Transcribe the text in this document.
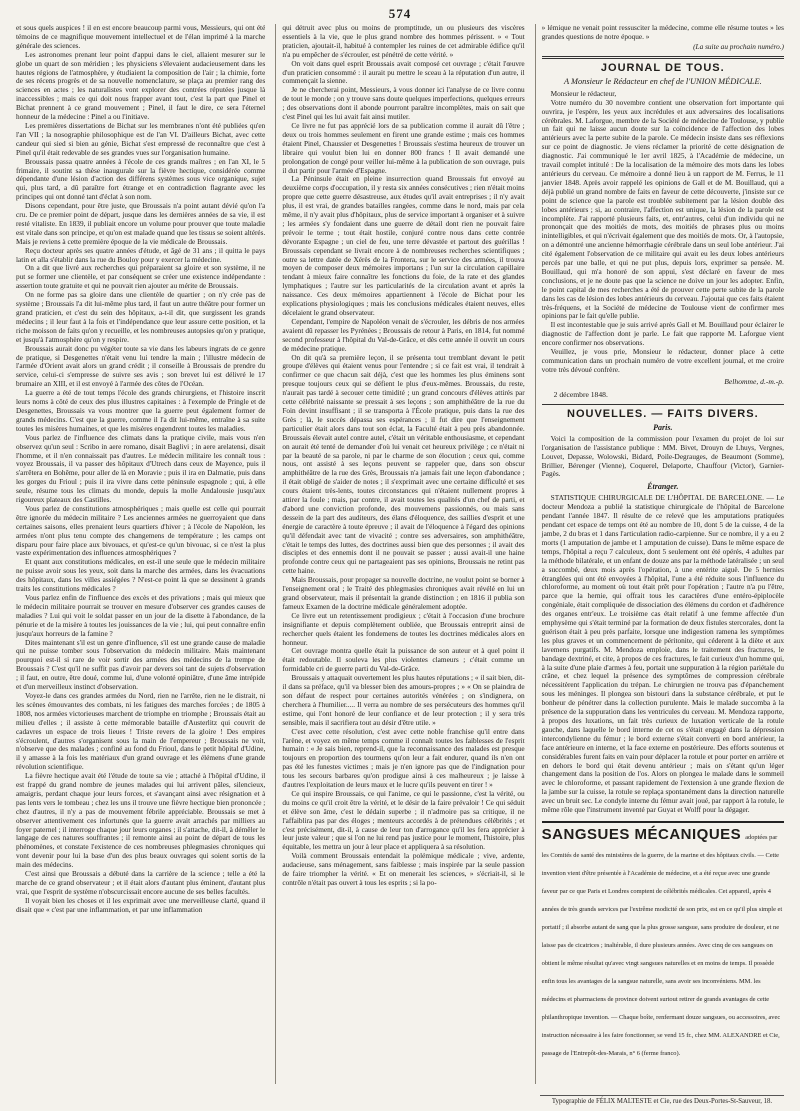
574

et sous quels auspices ! il en est encore beaucoup parmi vous, Messieurs, qui ont été témoins de ce magnifique mouvement intellectuel et de l'élan imprimé à la marche générale des sciences.

Les astronomes prenant leur point d'appui dans le ciel, allaient mesurer sur le globe un quart de son méridien ; les physiciens s'élevaient audacieusement dans les hautes régions de l'atmosphère, y étudiaient la composition de l'air ; la chimie, forte de ses récens progrès et de sa nouvelle nomenclature, se plaça au premier rang des sciences en actes ; les naturalistes vont explorer des contrées réputées jusque là inaccessibles ; mais ce qui doit nous frapper avant tout, c'est la part que Pinel et Bichat prennent à ce grand mouvement ; Pinel, il faut le dire, ce sera l'éternel honneur de la médecine : Pinel a ou l'initiave.

Les premières dissertations de Bichat sur les membranes n'ont été publiées qu'en l'an VII ; la nosographie philosophique est de l'an VI. D'ailleurs Bichat, avec cette candeur qui sied si bien au génie, Bichat s'est empressé de reconnaître que c'est à Pinel qu'il était redevable de ses grandes vues sur l'organisation humaine.

Broussais passa quatre années à l'école de ces grands maîtres ; en l'an XI, le 5 frimaire, il soutint sa thèse inaugurale sur la fièvre hectique, considérée comme dépendante d'une lésion d'action des différens systèmes sous vice organique, sujet qui, plus tard, a dû paraître fort étrange et en contradiction flagrante avec les principes qui ont donné tant d'éclat à son nom.

Disons cependant, pour être juste, que Broussais n'a point autant dévié qu'on l'a cru. De ce premier point de départ, jusque dans les dernières années de sa vie, il est resté vitaliste. En 1839, il publiait encore un volume pour prouver que toute maladie est vitale dans son principe, et qu'on est malade quand que les tissus se soient altérés. Mais je reviens à cette première époque de la vie médicale de Broussais.

Reçu docteur après ses quatre années d'étude, et âgé de 31 ans ; il quitta le pays latin et alla s'établir dans la rue du Bouloy pour y exercer la médecine.

On a dit que livré aux recherches qui préparaient sa gloire et son système, il ne put se former une clientèle, et par conséquent se créer une existence indépendante : assertion toute gratuite et qui ne pouvait rien ajouter au mérite de Broussais.

On ne forme pas sa gloire dans une clientèle de quartier ; on n'y crée pas de système ; Broussais l'a dit lui-même plus tard, il faut un autre théâtre pour former un grand praticien, et c'est du sein des hôpitaux, a-t-il dit, que surgissent les grands médecins ; il leur faut à la fois et l'indépendance que leur assure cette position, et la riche moisson de faits qu'on y recueille, et les nombreuses autopsies qu'on y pratique, et jusqu'à l'atmosphère qu'on y respire.

Broussais aurait donc pu végéter toute sa vie dans les labeurs ingrats de ce genre de pratique, si Desgenettes n'était venu lui tendre la main ; l'illustre médecin de l'armée d'Orient avait alors un grand crédit ; il conseille à Broussais de prendre du service, celui-ci s'empresse de suivre ses avis ; son brevet lui est délivré le 17 brumaire an XIII, et il est envoyé à l'armée des côtes de l'Océan.

La guerre a été de tout temps l'école des grands chirurgiens, et l'histoire inscrit leurs noms à côté de ceux des plus illustres capitaines : à l'exemple de Pringle et de Desgenettes, Broussais va vous montrer que la guerre peut également former de grands médecins. C'est que la guerre, comme il l'a dit lui-même, entraîne à sa suite toutes les misères humaines, et que les misères engendrent toutes les maladies.

Vous parlez de l'influence des climats dans la pratique civile, mais vous n'en observez qu'un seul : Scribo in aere romano, disait Baglivi ; in aere arelatensi, disait l'homme, et il n'en connaissait pas d'autres. Le médecin militaire les connaît tous : voyez Broussais, il va passer des hôpitaux d'Utrech dans ceux de Mayence, puis il s'arrêtera en Bohême, pour aller de là en Moravie ; puis il ira en Dalmatie, puis dans les gorges du Frioul ; puis il ira vivre dans cette péninsule espagnole ; qui, à elle seule, résume tous les climats du monde, depuis la molle Andalousie jusqu'aux rigoureux plateaux des Castilles.

Vous parlez de constitutions atmosphériques ; mais quelle est celle qui pourrait être ignorée du médecin militaire ? Les anciennes armées ne guerroyaient que dans certaines saisons, elles prenaient leurs quartiers d'hiver ; à l'école de Napoléon, les armées n'ont plus tenu compte des changemens de température ; les camps ont disparu pour faire place aux bivouacs, et qu'est-ce qu'un bivouac, si ce n'est la plus vaste expérimentation des influences atmosphériques ?

Et quant aux constitutions médicales, en est-il une seule que le médecin militaire ne puisse avoir sous les yeux, soit dans la marche des armées, dans les évacuations des hôpitaux, dans les villes assiégées ? N'est-ce point là que se dessinent à grands traits les constitutions médicales ?

Vous parlez enfin de l'influence des excès et des privations ; mais qui mieux que le médecin militaire pourrait se trouver en mesure d'observer ces grandes causes de maladies ? Lui qui voit le soldat passer en un jour de la disette à l'abondance, de la pénurie et de la misère à toutes les jouissances de la vie ; lui, qui peut connaître enfin jusqu'aux horreurs de la famine ?

Dites maintenant s'il est un genre d'influence, s'il est une grande cause de maladie qui ne puisse tomber sous l'observation du médecin militaire. Mais maintenant pourquoi est-il si rare de voir sortir des armées des médecins de la trempe de Broussais ? C'est qu'il ne suffit pas d'avoir par devers soi tant de sujets d'observation ; il faut, en outre, être doué, comme lui, d'une volonté opiniâtre, d'une âme intrépide et d'un merveilleux instinct d'observation.

Voyez-le dans ces grandes armées du Nord, rien ne l'arrête, rien ne le distrait, ni les scènes émouvantes des combats, ni les fatigues des marches forcées ; de 1805 à 1808, nos armées victorieuses marchent de triomphe en triomphe ; Broussais était au milieu d'elles ; il assiste à cette mémorable bataille d'Austerlitz qui couvrit de cadavres un espace de trois lieues ! Triste revers de la gloire ! Des empires s'écroulent, d'autres s'organisent sous la main de l'empereur ; Broussais ne voit, n'observe que des malades ; confiné au fond du Frioul, dans le petit hôpital d'Udine, il y amasse à la fois les matériaux d'un grand ouvrage et les élémens d'une grande révolution scientifique.

La fièvre hectique avait été l'étude de toute sa vie ; attaché à l'hôpital d'Udine, il est frappé du grand nombre de jeunes malades qui lui arrivent pâles, silencieux, amaigris, perdant chaque jour leurs forces, et s'avançant ainsi avec résignation et à pas lents vers le tombeau ; chez les uns il trouve une fièvre hectique bien prononcée ; chez d'autres, il n'y a pas de mouvement fébrile appréciable. Broussais se met à observer attentivement ces infortunés que la guerre avait arrachés par milliers au foyer paternel ; il interroge chaque jour leurs organes ; il s'attache, dit-il, à démêler le langage de ces natures souffrantes ; il remonte ainsi au point de départ de tous les phénomènes, et constate l'existence de ces nombreuses phlegmasies chroniques qui vont devenir pour lui la base d'un des plus beaux ouvrages qui soient sortis de la main des médecins.

C'est ainsi que Broussais a débuté dans la carrière de la science ; telle a été la marche de ce grand observateur ; et il était alors d'autant plus éminent, d'autant plus vrai, que l'esprit de système n'obscurcissait encore aucune de ses belles facultés.

Il voyait bien les choses et il les exprimait avec une merveilleuse clarté, quand il disait que « c'est par une inflammation, et par une inflammation

qui détruit avec plus ou moins de promptitude, un ou plusieurs des viscères essentiels à la vie, que le plus grand nombre des hommes périssent. » « Tout praticien, ajoutait-il, habitué à contempler les ruines de cet admirable édifice qu'il n'a pu empêcher de s'écrouler, est pénétré de cette vérité. »

On voit dans quel esprit Broussais avait composé cet ouvrage ; c'était l'œuvre d'un praticien consommé : il aurait pu mettre le sceau à la réputation d'un autre, il commençait la sienne.

Je ne chercherai point, Messieurs, à vous donner ici l'analyse de ce livre connu de tout le monde ; on y trouve sans doute quelques imperfections, quelques erreurs ; des observations dont il abonde pourront paraître incomplètes, mais on sait que c'est Pinel qui les lui avait fait ainsi mutiler.

Ce livre ne fut pas apprécié lors de sa publication comme il aurait dû l'être ; deux ou trois hommes seulement en firent une grande estime ; mais ces hommes étaient Pinel, Chaussier et Desgenettes ! Broussais s'estima heureux de trouver un libraire qui voulut bien lui en donner 800 francs ! Il avait demandé une prolongation de congé pour veiller lui-même à la publication de son ouvrage, puis il dut partir pour l'armée d'Espagne.

La Péninsule était en pleine insurrection quand Broussais fut envoyé au deuxième corps d'occupation, il y resta six années consécutives ; rien n'était moins propre que cette guerre désastreuse, aux études qu'il avait entreprises ; il n'y avait plus, il est vrai, de grandes batailles rangées, comme dans le nord, mais par cela même, il n'y avait plus d'hôpitaux, plus de service important à organiser et à suivre ; les armées s'y fondaient dans une guerre de détail dont rien ne pouvait faire prévoir le terme ; tout était hostile, conjuré contre nous dans cette contrée dévorante Espagne ; un ciel de feu, une terre dévastée et partout des guérillas ! Broussais cependant se livrait encore à de nombreuses recherches scientifiques ; outre sa lettre datée de Xérès de la Frontera, sur le service des armées, il trouva moyen de composer deux mémoires importans ; l'un sur la circulation capillaire tendant à mieux faire connaître les fonctions du foie, de la rate et des glandes lymphatiques ; l'autre sur les particularités de la circulation avant et après la naissance. Ces deux mémoires appartiennent à l'école de Bichat pour les explications physiologiques ; mais les conclusions médicales étaient neuves, elles décelaient le grand observateur.

Cependant, l'empire de Napoléon venait de s'écrouler, les débris de nos armées avaient dû repasser les Pyrénées ; Broussais de retour à Paris, en 1814, fut nommé second professeur à l'hôpital du Val-de-Grâce, et dès cette année il ouvrit un cours de médecine pratique.

On dit qu'à sa première leçon, il se présenta tout tremblant devant le petit groupe d'élèves qui étaient venus pour l'entendre ; si ce fait est vrai, il tendrait à confirmer ce que chacun sait déjà, c'est que les hommes les plus éminens sont presque toujours ceux qui se défient le plus d'eux-mêmes. Broussais, du reste, n'aurait pas tardé à secouer cette timidité ; un grand concours d'élèves attirés par cette célébrité naissante se pressait à ses leçons ; son amphithéâtre de la rue du Foin devint insuffisant ; il se transporta à l'École pratique, puis dans la rue des Grès ; là, le succès dépassa ses espérances ; il fut dire que l'enseignement particulier était alors dans tout son éclat, la Faculté était à peu près abandonnée. Broussais élevait autel contre autel, c'était un véritable enthousiasme, et cependant on aurait été tenté de demander d'où lui venait cet heureux privilège ; ce n'était ni par la beauté de sa parole, ni par le charme de son élocution ; ceux qui, comme nous, ont assisté à ses leçons peuvent se rappeler que, dans son obscur amphithéâtre de la rue des Grès, Broussais n'a jamais fait une leçon d'abondance ; il était obligé de s'aider de notes ; il s'exprimait avec une certaine difficulté et ses cours étaient très-lents, toutes circonstances qui n'étaient nullement propres à attirer la foule ; mais, par contre, il avait toutes les qualités d'un chef de parti, et d'abord une conviction profonde, des mouvemens passionnés, ou mais sans dessein de la part des auditeurs, des élans d'éloquence, des saillies d'esprit et une énergie de caractère à toute épreuve ; il avait de l'éloquence à l'égard des opinions qu'il défendait avec tant de vivacité ; contre ses adversaires, son amphithéâtre, c'était le temps des luttes, des doctrines aussi bien que des personnes ; il avait des disciples et des ennemis dont il ne pouvait se passer ; aussi avait-il une haine profonde contre ceux qui ne partageaient pas ses opinions, Broussais ne retint pas cette haine.

Mais Broussais, pour propager sa nouvelle doctrine, ne voulut point se borner à l'enseignement oral ; le Traité des phlegmasies chroniques avait révélé en lui un grand observateur, mais il présentait la grande distinction ; en 1816 il publia son fameux Examen de la doctrine médicale généralement adoptée.

Ce livre eut un retentissement prodigieux ; c'était à l'occasion d'une brochure insignifiante et depuis complètement oubliée, que Broussais entreprit ainsi de rechercher quels étaient les fondemens de toutes les doctrines médicales alors en honneur.

Cet ouvrage montra quelle était la puissance de son auteur et à quel point il était redoutable. Il souleva les plus violentes clameurs ; c'était comme un formidable cri de guerre parti du Val-de-Grâce.

Broussais y attaquait ouvertement les plus hautes réputations ; « il sait bien, dit-il dans sa préface, qu'il va blesser bien des amours-propres ; » « On se plaindra de son défaut de respect pour certaines autorités vénérées ; on s'indignera, on cherchera à l'humilier..... Il verra au nombre de ses persécuteurs des hommes qu'il estime, qui l'ont honoré de leur confiance et de leur protection ; il y sera très sensible, mais il sacrifiera tout au désir d'être utile. »

C'est avec cette résolution, c'est avec cette noble franchise qu'il entre dans l'arène, et voyez en même temps comme il connaît toutes les faiblesses de l'esprit humain : « Je sais bien, reprend-il, que la reconnaissance des malades est presque toujours en proportion des tourmens qu'on leur a fait endurer, quand ils n'en ont pas été les funestes victimes ; mais je n'en ignore pas que de l'indignation pour tous les secours barbares qu'on prodigue ainsi à ces malheureux ; je laisse à d'autres l'exploitation de leurs maux et le lucre qu'ils peuvent en tirer ! »

Ce qui inspire Broussais, ce qui l'anime, ce qui le passionne, c'est la vérité, ou du moins ce qu'il croit être la vérité, et le désir de la faire prévaloir ! Ce qui séduit et élève son âme, c'est le dédain superbe ; il n'admoire pas sa critique, il ne l'affaiblira pas par des éloges ; menteurs accordés à de prétendues célébrités ; et c'est précisément, dit-il, à cause de leur ton d'arrogance qu'il les fera apprécier à leur juste valeur ; que si l'on ne lui rend pas justice pour le moment, l'histoire, plus équitable, les mettra un jour à leur place et appliquera à sa résolution.

Voilà comment Broussais entendait la polémique médicale ; vive, ardente, audacieuse, sans ménagement, sans faiblesse ; mais inspirée par la seule passion de faire triompher la vérité. « Et on menerait les sciences, » s'écriait-il, si le contrôle n'était pas ouvert à tous les esprits ; si la po-

» lémique ne venait point ressusciter la médecine, comme elle résume toutes » les grandes questions de notre époque. »

(La suite au prochain numéro.)
JOURNAL DE TOUS.
A Monsieur le Rédacteur en chef de l'UNION MÉDICALE.

Monsieur le rédacteur,

Votre numéro du 30 novembre contient une observation fort importante qui ouvrira, je l'espère, les yeux aux incrédules et aux adversaires des localisations cérébrales. M. Laforgue, membre de la Société de médecine de Toulouse, y publie un fait qui ne laisse aucun doute sur la coïncidence de l'affection des lobes antérieurs avec la perte subite de la parole. Ce médecin insiste dans ses réflexions sur ce point de diagnostic. Je viens réclamer la priorité de cette désignation de diagnostic. J'ai communiqué le 1er avril 1825, à l'Académie de médecine, un travail complet intitulé : De la localisation de la mémoire des mots dans les lobes antérieurs du cerveau. Ce mémoire a donné lieu à un rapport de M. Ferrus, le 11 janvier 1848. Après avoir rappelé les opinions de Gall et de M. Bouillaud, qui a déjà publié un grand nombre de faits en faveur de cette découverte, j'insiste sur ce point de science que la parole est troublée subitement par la lésion double des lobes antérieurs ; si, au contraire, l'affection est unique, la lésion de la parole est incomplète. J'ai rapporté plusieurs faits, et, entr'autres, celui d'un individu qui ne prononçait que des moitiés de mots, des moitiés de phrases plus ou moins inintelligibles, et qui n'écrivait également que des moitiés de mots. Or, à l'autopsie, on a démontré une ancienne hémorrhagie cérébrale dans un seul lobe antérieur. J'ai cité également l'observation de ce militaire qui avait eu les deux lobes antérieurs percés par une balle, et qui ne put plus, depuis lors, exprimer sa pensée. M. Bouillaud, qui m'a honoré de son appui, s'est déclaré en faveur de mes conclusions, et je ne doute pas que la science ne doive un jour les adopter. Enfin, le point capital de mes recherches a été de prouver cette perte subite de la parole dans les cas de lésion des lobes antérieurs du cerveau. J'ajoutai que ces faits étaient très-fréquens, et la Société de médecine de Toulouse vient de confirmer mes opinions par le fait qu'elle publie.

Il est incontestable que je suis arrivé après Gall et M. Bouillaud pour éclairer le diagnostic de l'affection dont je parle. Le fait que rapporte M. Laforgue vient encore confirmer nos observations.

Veuillez, je vous prie, Monsieur le rédacteur, donner place à cette communication dans un prochain numéro de votre excellent journal, et me croire votre très dévoué confrère.

Belhomme, d.-m.-p.
2 décembre 1848.
NOUVELLES. — FAITS DIVERS.
Paris.

Voici la composition de la commission pour l'examen du projet de loi sur l'organisation de l'assistance publique : MM. Bivet, Drouyn de Lhuys, Vergnes, Louvet, Depasse, Wolowski, Bidard, Poile-Degrauges, de Beaumont (Somme), Brillier, Bérenger (Vienne), Coquerel, Delaporte, Chauffour (Victor), Garnier-Pagès.

Étranger.

STATISTIQUE CHIRURGICALE DE L'HÔPITAL DE BARCELONE. — Le docteur Mendoza a publié la statistique chirurgicale de l'hôpital de Barcelone pendant l'année 1847. Il résulte de ce relevé que les amputations pratiquées pendant cet espace de temps ont été au nombre de 10, dont 5 de la cuisse, 4 de la jambe, 2 du bras et 1 dans l'articulation radio-carpienne. Sur ce nombre, il y a eu 2 morts (1 amputation de jambe et 1 amputation de cuisse). Dans le même espace de temps, l'hôpital a reçu 7 calculeux, dont 5 seulement ont été opérés, 4 adultes par la méthode bilatérale, et un enfant de douze ans par la méthode latéralisée ; un seul a succombé, deux mois après l'opération, à une entérite aiguë. De 5 hernies étranglées qui ont été envoyées à l'hôpital, l'une a été réduite sous l'influence du chloroforme, au moment où tout était prêt pour l'opération ; l'autre n'a pu l'être, parce que la hernie, qui offrait tous les caractères d'une entéro-épiplocèle congéniale, était compliquée de dissociation des élémens du cordon et d'adhérence des organes entr'eux. Le troisième cas était relatif à une femme affectée d'un emphysème qui s'était terminé par la formation de deux fistules stercorales, dont la guérison était à peu près parfaite, lorsque une indigestion ramena les symptômes les plus graves et un commencement de péritonite, qui céderent à la diète et aux lavemens purgatifs. M. Mendoza emploie, dans le traitement des fractures, le bandage dextriné, et cite, à propos de ces fractures, le fait curieux d'un homme qui, à la suite d'une plaie d'armes à feu, portait une suppuration à la région pariétale du crâne, et chez lequel la présence des symptômes de compression cérébrale nécessitèrent l'application du trépan. Le chirurgien ne trouva pas d'épanchement sous les méninges. Il plongea son bistouri dans la substance cérébrale, et put le bonheur de pénétrer dans la collection purulente. Mais le malade succomba à la présence de la suppuration dans les ventricules du cerveau. M. Mendoza rapporte, à propos des luxations, un fait très curieux de luxation verticale de la rotule gauche, dans laquelle le bord interne de cet os s'était engagé dans la dépression intercondylienne du fémur ; le bord externe s'était converti en bord antérieur, la face antérieure en interne, et la face externe en postérieure. Des efforts soutenus et considérables furent faits en vain pour déplacer la rotule et pour porter en arrière et en dehors le bord qui était devenu antérieur ; mais on s'étant qu'un léger changement dans la position de l'os. Alors on plongea le malade dans le sommeil avec le chloroforme, et passant rapidement de l'extension à une grande flexion de la jambe sur la cuisse, la rotule se replaça spontanément dans la direction naturelle avec un bruit sec. Le condyle interne du fémur avait joué, par rapport à la rotule, le même rôle que l'instrument inventé par Guyat et Wolff pour la dégager.

SANGSUES MÉCANIQUES adoptées par les Comités de santé des ministères de la guerre, de la marine et des hôpitaux civils. — Cette invention vient d'être présentée à l'Académie de médecine, et a été reçue avec une grande faveur par ce que Paris et Londres comptent de célébrités médicales. Cet appareil, après 4 années de très grands services par l'extrême modicité de son prix, est en ce qu'il plus simple et portatif ; il absorbe autant de sang que la plus grosse sangsue, sans produire de douleur, et ne laisse pas de cicatrices ; inaltérable, il dure plusieurs années. Avec cinq de ces sangsues on obtient le même résultat qu'avec vingt sangsues naturelles et en moins de temps. Il possède enfin tous les avantages de la sangsue naturelle, sans avoir ses inconvéniens. MM. les médecins et pharmaciens de province doivent surtout retirer de grands avantages de cette philanthropique invention. — Chaque boîte, renfermant douze sangsues, ou accessoires, avec instruction nécessaire à les faire fonctionner, se vend 15 fr., chez MM. ALEXANDRE et Cie, passage de l'Entrepôt-des-Marais, n° 6 (ferme franco).
Typographie de FÉLIX MALTESTE et Cie, rue des Deux-Portes-St-Sauveur, 18.
